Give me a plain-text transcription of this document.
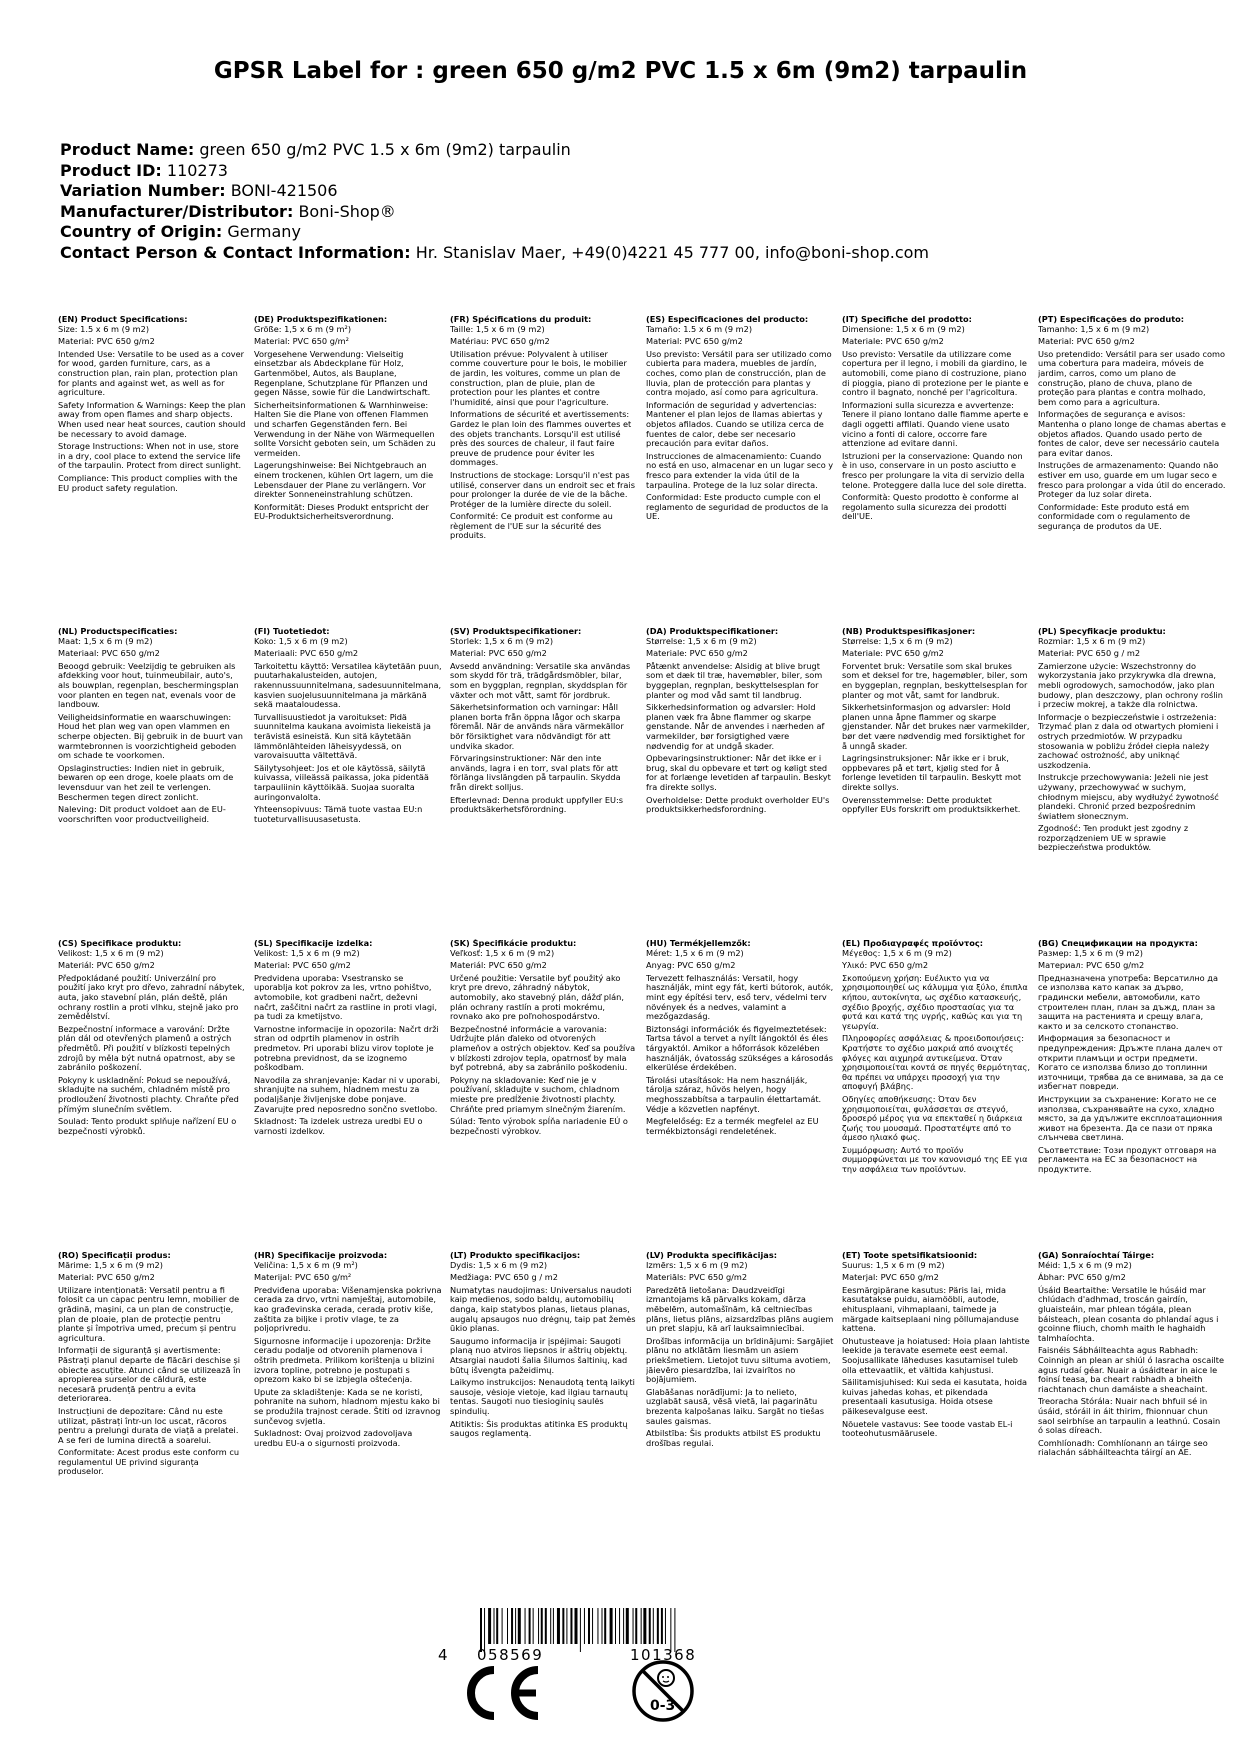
GPSR Label for : green 650 g/m2 PVC 1.5 x 6m (9m2) tarpaulin
Product Name: green 650 g/m2 PVC 1.5 x 6m (9m2) tarpaulin
Product ID: 110273
Variation Number: BONI-421506
Manufacturer/Distributor: Boni-Shop®
Country of Origin: Germany
Contact Person & Contact Information: Hr. Stanislav Maer, +49(0)4221 45 777 00, info@boni-shop.com
(EN) Product Specifications:

Size: 1.5 x 6 m (9 m2)

Material: PVC 650 g/m2

Intended Use: Versatile to be used as a cover for wood, garden furniture, cars, as a construction plan, rain plan, protection plan for plants and against wet, as well as for agriculture.

Safety Information & Warnings: Keep the plan away from open flames and sharp objects. When used near heat sources, caution should be necessary to avoid damage.

Storage Instructions: When not in use, store in a dry, cool place to extend the service life of the tarpaulin. Protect from direct sunlight.

Compliance: This product complies with the EU product safety regulation.

(DE) Produktspezifikationen:

Größe: 1,5 x 6 m (9 m²)

Material: PVC 650 g/m²

Vorgesehene Verwendung: Vielseitig einsetzbar als Abdeckplane für Holz, Gartenmöbel, Autos, als Bauplane, Regenplane, Schutzplane für Pflanzen und gegen Nässe, sowie für die Landwirtschaft.

Sicherheitsinformationen & Warnhinweise: Halten Sie die Plane von offenen Flammen und scharfen Gegenständen fern. Bei Verwendung in der Nähe von Wärmequellen sollte Vorsicht geboten sein, um Schäden zu vermeiden.

Lagerungshinweise: Bei Nichtgebrauch an einem trockenen, kühlen Ort lagern, um die Lebensdauer der Plane zu verlängern. Vor direkter Sonneneinstrahlung schützen.

Konformität: Dieses Produkt entspricht der EU-Produktsicherheitsverordnung.

(FR) Spécifications du produit:

Taille: 1,5 x 6 m (9 m2)

Matériau: PVC 650 g/m2

Utilisation prévue: Polyvalent à utiliser comme couverture pour le bois, le mobilier de jardin, les voitures, comme un plan de construction, plan de pluie, plan de protection pour les plantes et contre l'humidité, ainsi que pour l'agriculture.

Informations de sécurité et avertissements: Gardez le plan loin des flammes ouvertes et des objets tranchants. Lorsqu'il est utilisé près des sources de chaleur, il faut faire preuve de prudence pour éviter les dommages.

Instructions de stockage: Lorsqu'il n'est pas utilisé, conserver dans un endroit sec et frais pour prolonger la durée de vie de la bâche. Protéger de la lumière directe du soleil.

Conformité: Ce produit est conforme au règlement de l'UE sur la sécurité des produits.

(ES) Especificaciones del producto:

Tamaño: 1.5 x 6 m (9 m2)

Material: PVC 650 g/m2

Uso previsto: Versátil para ser utilizado como cubierta para madera, muebles de jardín, coches, como plan de construcción, plan de lluvia, plan de protección para plantas y contra mojado, así como para agricultura.

Información de seguridad y advertencias: Mantener el plan lejos de llamas abiertas y objetos afilados. Cuando se utiliza cerca de fuentes de calor, debe ser necesario precaución para evitar daños.

Instrucciones de almacenamiento: Cuando no está en uso, almacenar en un lugar seco y fresco para extender la vida útil de la tarpaulina. Protege de la luz solar directa.

Conformidad: Este producto cumple con el reglamento de seguridad de productos de la UE.

(IT) Specifiche del prodotto:

Dimensione: 1,5 x 6 m (9 m2)

Materiale: PVC 650 g/m2

Uso previsto: Versatile da utilizzare come copertura per il legno, i mobili da giardino, le automobili, come piano di costruzione, piano di pioggia, piano di protezione per le piante e contro il bagnato, nonché per l'agricoltura.

Informazioni sulla sicurezza e avvertenze: Tenere il piano lontano dalle fiamme aperte e dagli oggetti affilati. Quando viene usato vicino a fonti di calore, occorre fare attenzione ad evitare danni.

Istruzioni per la conservazione: Quando non è in uso, conservare in un posto asciutto e fresco per prolungare la vita di servizio della telone. Proteggere dalla luce del sole diretta.

Conformità: Questo prodotto è conforme al regolamento sulla sicurezza dei prodotti dell'UE.

(PT) Especificações do produto:

Tamanho: 1,5 x 6 m (9 m2)

Material: PVC 650 g/m2

Uso pretendido: Versátil para ser usado como uma cobertura para madeira, móveis de jardim, carros, como um plano de construção, plano de chuva, plano de proteção para plantas e contra molhado, bem como para a agricultura.

Informações de segurança e avisos: Mantenha o plano longe de chamas abertas e objetos afiados. Quando usado perto de fontes de calor, deve ser necessário cautela para evitar danos.

Instruções de armazenamento: Quando não estiver em uso, guarde em um lugar seco e fresco para prolongar a vida útil do encerado. Proteger da luz solar direta.

Conformidade: Este produto está em conformidade com o regulamento de segurança de produtos da UE.

(NL) Productspecificaties:

Maat: 1,5 x 6 m (9 m2)

Materiaal: PVC 650 g/m2

Beoogd gebruik: Veelzijdig te gebruiken als afdekking voor hout, tuinmeubilair, auto's, als bouwplan, regenplan, beschermingsplan voor planten en tegen nat, evenals voor de landbouw.

Veiligheidsinformatie en waarschuwingen: Houd het plan weg van open vlammen en scherpe objecten. Bij gebruik in de buurt van warmtebronnen is voorzichtigheid geboden om schade te voorkomen.

Opslaginstructies: Indien niet in gebruik, bewaren op een droge, koele plaats om de levensduur van het zeil te verlengen. Beschermen tegen direct zonlicht.

Naleving: Dit product voldoet aan de EU-voorschriften voor productveiligheid.

(FI) Tuotetiedot:

Koko: 1,5 x 6 m (9 m2)

Materiaali: PVC 650 g/m2

Tarkoitettu käyttö: Versatilea käytetään puun, puutarhakalusteiden, autojen, rakennussuunnitelmana, sadesuunnitelmana, kasvien suojelusuunnitelmana ja märkänä sekä maataloudessa.

Turvallisuustiedot ja varoitukset: Pidä suunnitelma kaukana avoimista liekeistä ja terävistä esineistä. Kun sitä käytetään lämmönlähteiden läheisyydessä, on varovaisuutta vältettävä.

Säilytysohjeet: Jos et ole käytössä, säilytä kuivassa, viileässä paikassa, joka pidentää tarpauliinin käyttöikää. Suojaa suoralta auringonvalolta.

Yhteensopivuus: Tämä tuote vastaa EU:n tuoteturvallisuusasetusta.

(SV) Produktspecifikationer:

Storlek: 1,5 x 6 m (9 m2)

Material: PVC 650 g/m2

Avsedd användning: Versatile ska användas som skydd för trä, trädgårdsmöbler, bilar, som en byggplan, regnplan, skyddsplan för växter och mot vått, samt för jordbruk.

Säkerhetsinformation och varningar: Håll planen borta från öppna lågor och skarpa föremål. När de används nära värmekällor bör försiktighet vara nödvändigt för att undvika skador.

Förvaringsinstruktioner: När den inte används, lagra i en torr, sval plats för att förlänga livslängden på tarpaulin. Skydda från direkt solljus.

Efterlevnad: Denna produkt uppfyller EU:s produktsäkerhetsförordning.

(DA) Produktspecifikationer:

Størrelse: 1,5 x 6 m (9 m2)

Materiale: PVC 650 g/m2

Påtænkt anvendelse: Alsidig at blive brugt som et dæk til træ, havemøbler, biler, som byggeplan, regnplan, beskyttelsesplan for planter og mod våd samt til landbrug.

Sikkerhedsinformation og advarsler: Hold planen væk fra åbne flammer og skarpe genstande. Når de anvendes i nærheden af varmekilder, bør forsigtighed være nødvendig for at undgå skader.

Opbevaringsinstruktioner: Når det ikke er i brug, skal du opbevare et tørt og køligt sted for at forlænge levetiden af tarpaulin. Beskyt fra direkte sollys.

Overholdelse: Dette produkt overholder EU's produktsikkerhedsforordning.

(NB) Produktspesifikasjoner:

Størrelse: 1,5 x 6 m (9 m2)

Materiale: PVC 650 g/m2

Forventet bruk: Versatile som skal brukes som et deksel for tre, hagemøbler, biler, som en byggeplan, regnplan, beskyttelsesplan for planter og mot våt, samt for landbruk.

Sikkerhetsinformasjon og advarsler: Hold planen unna åpne flammer og skarpe gjenstander. Når det brukes nær varmekilder, bør det være nødvendig med forsiktighet for å unngå skader.

Lagringsinstruksjoner: Når ikke er i bruk, oppbevares på et tørt, kjølig sted for å forlenge levetiden til tarpaulin. Beskytt mot direkte sollys.

Overensstemmelse: Dette produktet oppfyller EUs forskrift om produktsikkerhet.

(PL) Specyfikacje produktu:

Rozmiar: 1,5 x 6 m (9 m2)

Materiał: PVC 650 g / m2

Zamierzone użycie: Wszechstronny do wykorzystania jako przykrywka dla drewna, mebli ogrodowych, samochodów, jako plan budowy, plan deszczowy, plan ochrony roślin i przeciw mokrej, a także dla rolnictwa.

Informacje o bezpieczeństwie i ostrzeżenia: Trzymać plan z dala od otwartych płomieni i ostrych przedmiotów. W przypadku stosowania w pobliżu źródeł ciepła należy zachować ostrożność, aby uniknąć uszkodzenia.

Instrukcje przechowywania: Jeżeli nie jest używany, przechowywać w suchym, chłodnym miejscu, aby wydłużyć żywotność plandeki. Chronić przed bezpośrednim światłem słonecznym.

Zgodność: Ten produkt jest zgodny z rozporządzeniem UE w sprawie bezpieczeństwa produktów.

(CS) Specifikace produktu:

Velikost: 1,5 x 6 m (9 m2)

Materiál: PVC 650 g/m2

Předpokládané použití: Univerzální pro použití jako kryt pro dřevo, zahradní nábytek, auta, jako stavební plán, plán deště, plán ochrany rostlin a proti vlhku, stejně jako pro zemědělství.

Bezpečnostní informace a varování: Držte plán dál od otevřených plamenů a ostrých předmětů. Při použití v blízkosti tepelných zdrojů by měla být nutná opatrnost, aby se zabránilo poškození.

Pokyny k uskladnění: Pokud se nepoužívá, skladujte na suchém, chladném místě pro prodloužení životnosti plachty. Chraňte před přímým slunečním světlem.

Soulad: Tento produkt splňuje nařízení EU o bezpečnosti výrobků.

(SL) Specifikacije izdelka:

Velikost: 1,5 x 6 m (9 m2)

Material: PVC 650 g/m2

Predvidena uporaba: Vsestransko se uporablja kot pokrov za les, vrtno pohištvo, avtomobile, kot gradbeni načrt, deževni načrt, zaščitni načrt za rastline in proti vlagi, pa tudi za kmetijstvo.

Varnostne informacije in opozorila: Načrt drži stran od odprtih plamenov in ostrih predmetov. Pri uporabi blizu virov toplote je potrebna previdnost, da se izognemo poškodbam.

Navodila za shranjevanje: Kadar ni v uporabi, shranjujte na suhem, hladnem mestu za podaljšanje življenjske dobe ponjave. Zavarujte pred neposredno sončno svetlobo.

Skladnost: Ta izdelek ustreza uredbi EU o varnosti izdelkov.

(SK) Špecifikácie produktu:

Veľkosť: 1,5 x 6 m (9 m2)

Materiál: PVC 650 g/m2

Určené použitie: Versatile byť použitý ako kryt pre drevo, záhradný nábytok, automobily, ako stavebný plán, dážď plán, plán ochrany rastlín a proti mokrému, rovnako ako pre poľnohospodárstvo.

Bezpečnostné informácie a varovania: Udržujte plán ďaleko od otvorených plameňov a ostrých objektov. Keď sa používa v blízkosti zdrojov tepla, opatrnosť by mala byť potrebná, aby sa zabránilo poškodeniu.

Pokyny na skladovanie: Keď nie je v používaní, skladujte v suchom, chladnom mieste pre predĺženie životnosti plachty. Chráňte pred priamym slnečným žiarením.

Súlad: Tento výrobok spĺňa nariadenie EÚ o bezpečnosti výrobkov.

(HU) Termékjellemzők:

Méret: 1,5 x 6 m (9 m2)

Anyag: PVC 650 g/m2

Tervezett felhasználás: Versatil, hogy használják, mint egy fát, kerti bútorok, autók, mint egy építési terv, eső terv, védelmi terv növények és a nedves, valamint a mezőgazdaság.

Biztonsági információk és figyelmeztetések: Tartsa távol a tervet a nyílt lángoktól és éles tárgyaktól. Amikor a hőforrások közelében használják, óvatosság szükséges a károsodás elkerülése érdekében.

Tárolási utasítások: Ha nem használják, tárolja száraz, hűvös helyen, hogy meghosszabbítsa a tarpaulin élettartamát. Védje a közvetlen napfényt.

Megfelelőség: Ez a termék megfelel az EU termékbiztonsági rendeletének.

(EL) Προδιαγραφές προϊόντος:

Μέγεθος: 1,5 x 6 m (9 m2)

Υλικό: PVC 650 g/m2

Σκοπούμενη χρήση: Ευέλικτο για να χρησιμοποιηθεί ως κάλυμμα για ξύλο, έπιπλα κήπου, αυτοκίνητα, ως σχέδιο κατασκευής, σχέδιο βροχής, σχέδιο προστασίας για τα φυτά και κατά της υγρής, καθώς και για τη γεωργία.

Πληροφορίες ασφάλειας & προειδοποιήσεις: Κρατήστε το σχέδιο μακριά από ανοιχτές φλόγες και αιχμηρά αντικείμενα. Όταν χρησιμοποιείται κοντά σε πηγές θερμότητας, θα πρέπει να υπάρχει προσοχή για την αποφυγή βλάβης.

Οδηγίες αποθήκευσης: Όταν δεν χρησιμοποιείται, φυλάσσεται σε στεγνό, δροσερό μέρος για να επεκταθεί η διάρκεια ζωής του μουσαμά. Προστατέψτε από το άμεσο ηλιακό φως.

Συμμόρφωση: Αυτό το προϊόν συμμορφώνεται με τον κανονισμό της ΕΕ για την ασφάλεια των προϊόντων.

(BG) Спецификации на продукта:

Размер: 1,5 x 6 m (9 m2)

Материал: PVC 650 g/m2

Предназначена употреба: Версатилно да се използва като капак за дърво, градински мебели, автомобили, като строителен план, план за дъжд, план за защита на растенията и срещу влага, както и за селското стопанство.

Информация за безопасност и предупреждения: Дръжте плана далеч от открити пламъци и остри предмети. Когато се използва близо до топлинни източници, трябва да се внимава, за да се избегнат повреди.

Инструкции за съхранение: Когато не се използва, съхранявайте на сухо, хладно място, за да удължите експлоатационния живот на брезента. Да се пази от пряка слънчева светлина.

Съответствие: Този продукт отговаря на регламента на ЕС за безопасност на продуктите.

(RO) Specificații produs:

Mărime: 1,5 x 6 m (9 m2)

Material: PVC 650 g/m2

Utilizare intenționată: Versatil pentru a fi folosit ca un capac pentru lemn, mobilier de grădină, mașini, ca un plan de construcție, plan de ploaie, plan de protecție pentru plante și împotriva umed, precum și pentru agricultura.

Informații de siguranță și avertismente: Păstrați planul departe de flăcări deschise și obiecte ascuțite. Atunci când se utilizează în apropierea surselor de căldură, este necesară prudență pentru a evita deteriorarea.

Instrucțiuni de depozitare: Când nu este utilizat, păstrați într-un loc uscat, răcoros pentru a prelungi durata de viață a prelatei. A se feri de lumina directă a soarelui.

Conformitate: Acest produs este conform cu regulamentul UE privind siguranța produselor.

(HR) Specifikacije proizvoda:

Veličina: 1,5 x 6 m (9 m²)

Materijal: PVC 650 g/m²

Predviđena uporaba: Višenamjenska pokrivna cerada za drvo, vrtni namještaj, automobile, kao građevinska cerada, cerada protiv kiše, zaštita za biljke i protiv vlage, te za poljoprivredu.

Sigurnosne informacije i upozorenja: Držite ceradu podalje od otvorenih plamenova i oštrih predmeta. Prilikom korištenja u blizini izvora topline, potrebno je postupati s oprezom kako bi se izbjegla oštećenja.

Upute za skladištenje: Kada se ne koristi, pohranite na suhom, hladnom mjestu kako bi se produžila trajnost cerade. Štiti od izravnog sunčevog svjetla.

Sukladnost: Ovaj proizvod zadovoljava uredbu EU-a o sigurnosti proizvoda.

(LT) Produkto specifikacijos:

Dydis: 1,5 x 6 m (9 m2)

Medžiaga: PVC 650 g / m2

Numatytas naudojimas: Universalus naudoti kaip medienos, sodo baldų, automobilių danga, kaip statybos planas, lietaus planas, augalų apsaugos nuo drėgnų, taip pat žemės ūkio planas.

Saugumo informacija ir įspėjimai: Saugoti planą nuo atviros liepsnos ir aštrių objektų. Atsargiai naudoti šalia šilumos šaltinių, kad būtų išvengta pažeidimų.

Laikymo instrukcijos: Nenaudotą tentą laikyti sausoje, vėsioje vietoje, kad ilgiau tarnautų tentas. Saugoti nuo tiesioginių saulės spindulių.

Atitiktis: Šis produktas atitinka ES produktų saugos reglamentą.

(LV) Produkta specifikācijas:

Izmērs: 1,5 x 6 m (9 m2)

Materiāls: PVC 650 g/m2

Paredzētā lietošana: Daudzveidīgi izmantojams kā pārvalks kokam, dārza mēbelēm, automašīnām, kā celtniecības plāns, lietus plāns, aizsardzības plāns augiem un pret slapju, kā arī lauksaimniecībai.

Drošības informācija un brīdinājumi: Sargājiet plānu no atklātām liesmām un asiem priekšmetiem. Lietojot tuvu siltuma avotiem, jāievēro piesardzība, lai izvairītos no bojājumiem.

Glabāšanas norādījumi: Ja to nelieto, uzglabāt sausā, vēsā vietā, lai pagarinātu brezenta kalpošanas laiku. Sargāt no tiešas saules gaismas.

Atbilstība: Šis produkts atbilst ES produktu drošības regulai.

(ET) Toote spetsifikatsioonid:

Suurus: 1,5 x 6 m (9 m2)

Materjal: PVC 650 g/m2

Eesmärgipärane kasutus: Päris lai, mida kasutatakse puidu, aiamööbli, autode, ehitusplaani, vihmaplaani, taimede ja märgade kaitseplaani ning põllumajanduse kattena.

Ohutusteave ja hoiatused: Hoia plaan lahtiste leekide ja teravate esemete eest eemal. Soojusallikate läheduses kasutamisel tuleb olla ettevaatlik, et vältida kahjustusi.

Säilitamisjuhised: Kui seda ei kasutata, hoida kuivas jahedas kohas, et pikendada presentaali kasutusiga. Hoida otsese päikesevalguse eest.

Nõuetele vastavus: See toode vastab EL-i tooteohutusmäärusele.

(GA) Sonraíochtaí Táirge:

Méid: 1,5 x 6 m (9 m2)

Ábhar: PVC 650 g/m2

Úsáid Beartaithe: Versatile le húsáid mar chlúdach d'adhmad, troscán gairdín, gluaisteáin, mar phlean tógála, plean báisteach, plean cosanta do phlandaí agus i gcoinne fliuch, chomh maith le haghaidh talmhaíochta.

Faisnéis Sábháilteachta agus Rabhadh: Coinnigh an plean ar shiúl ó lasracha oscailte agus rudaí géar. Nuair a úsáidtear in aice le foinsí teasa, ba cheart rabhadh a bheith riachtanach chun damáiste a sheachaint.

Treoracha Stórála: Nuair nach bhfuil sé in úsáid, stóráil in áit thirim, fhionnuar chun saol seirbhíse an tarpaulin a leathnú. Cosain ó solas díreach.

Comhlíonadh: Comhlíonann an táirge seo rialachán sábháilteachta táirgí an AE.

4 058569	101368
0-3
